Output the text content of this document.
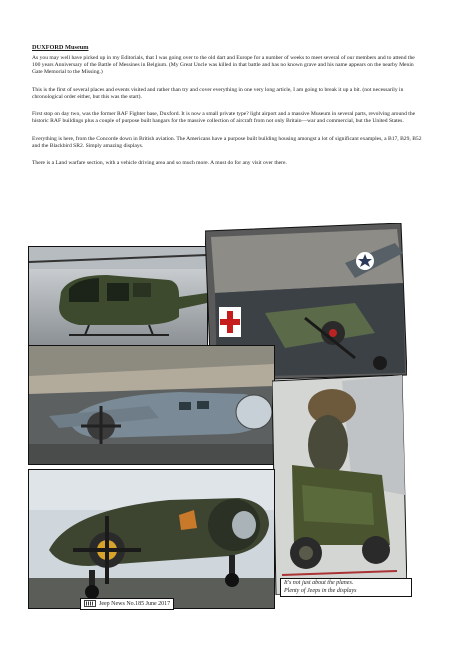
DUXFORD Museum

As you may well have picked up in my Editorials, that I was going over to the old dart and Europe for a number of weeks to meet several of our members and to attend the 100 years Anniversary of the Battle of Messines in Belgium. (My Great Uncle was killed in that battle and has no known grave and his name appears on the nearby Menin Gate Memorial to the Missing.)

This is the first of several places and events visited and rather than try and cover everything in one very long article, I am going to break it up a bit. (not necessarily in chronological order either, but this was the start).

First stop on day two, was the former RAF Fighter base, Duxford. It is now a small private type? light airport and a massive Museum in several parts, revolving around the historic RAF buildings plus a couple of purpose built hangars for the massive collection of aircraft from not only Britain—war and commercial, but the United States.

Everything is here, from the Concorde down in British aviation. The Americans have a purpose built building housing amongst a lot of significant examples, a B17, B29, B52 and the Blackbird SR2. Simply amazing displays.

There is a Land warfare section, with a vehicle driving area and so much more. A must do for any visit over there.

Jeep News No.185 June 2017
It's not just about the planes.
Plenty of Jeeps in the displays
